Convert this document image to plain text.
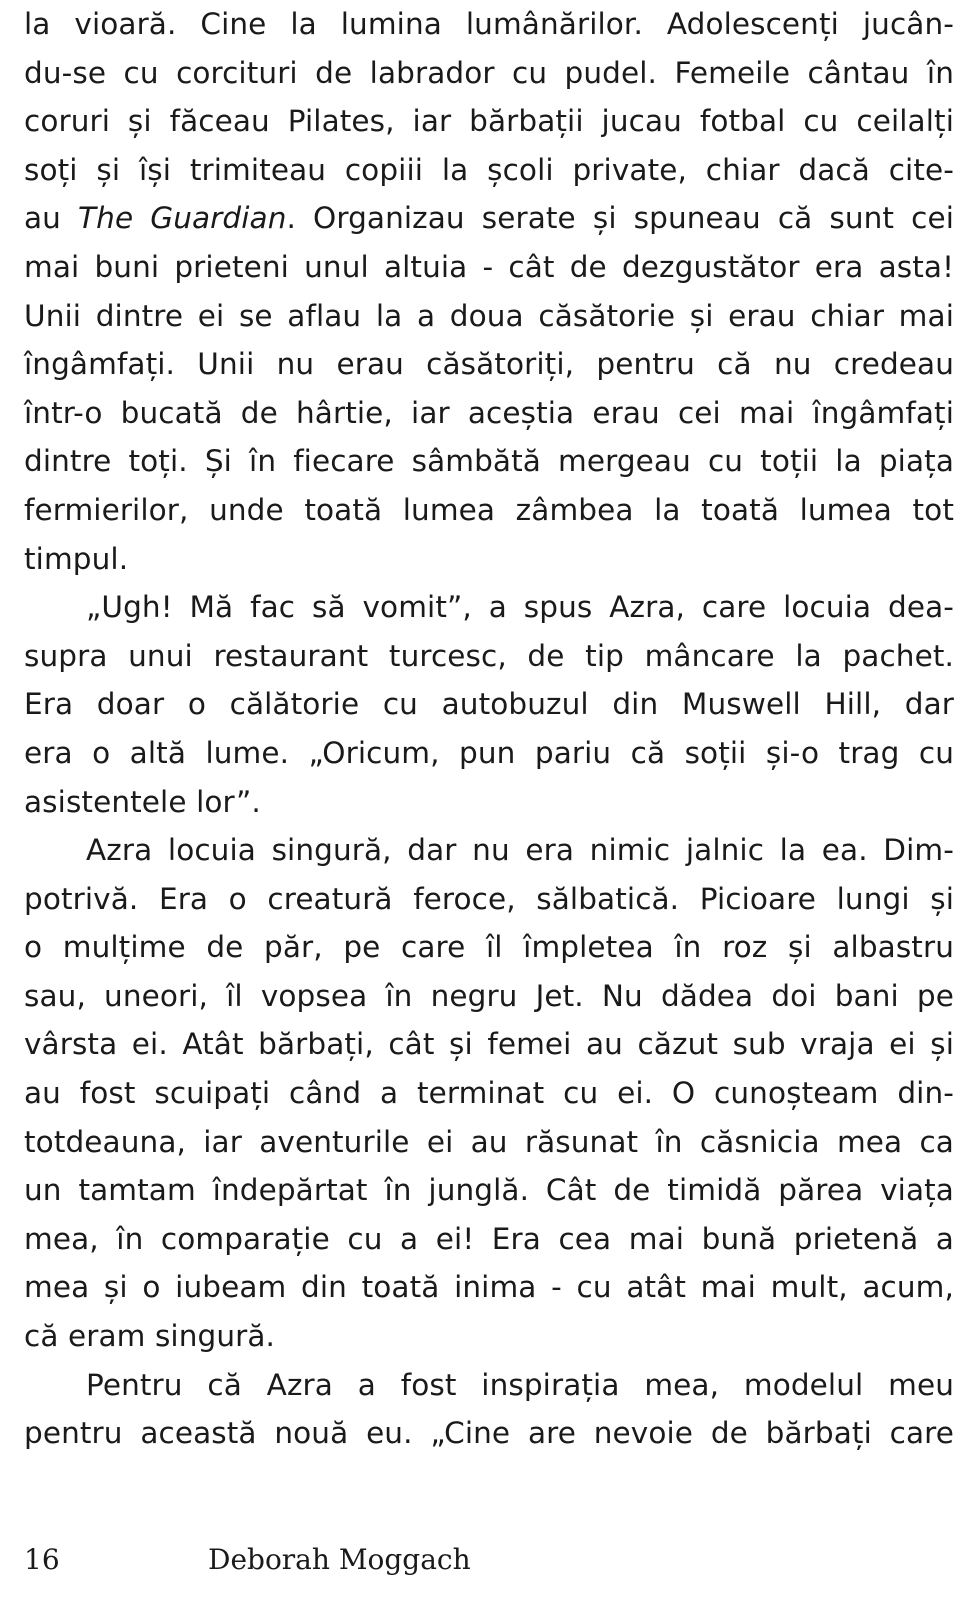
la vioară. Cine la lumina lumânărilor. Adolescenți jucân-
du-se cu corcituri de labrador cu pudel. Femeile cântau în
coruri și făceau Pilates, iar bărbații jucau fotbal cu ceilalți
soți și își trimiteau copiii la școli private, chiar dacă cite-
au The Guardian. Organizau serate și spuneau că sunt cei
mai buni prieteni unul altuia - cât de dezgustător era asta!
Unii dintre ei se aflau la a doua căsătorie și erau chiar mai
îngâmfați. Unii nu erau căsătoriți, pentru că nu credeau
într-o bucată de hârtie, iar aceștia erau cei mai îngâmfați
dintre toți. Și în fiecare sâmbătă mergeau cu toții la piața
fermierilor, unde toată lumea zâmbea la toată lumea tot
timpul.
„Ugh! Mă fac să vomit”, a spus Azra, care locuia dea-
supra unui restaurant turcesc, de tip mâncare la pachet.
Era doar o călătorie cu autobuzul din Muswell Hill, dar
era o altă lume. „Oricum, pun pariu că soții și-o trag cu
asistentele lor”.
Azra locuia singură, dar nu era nimic jalnic la ea. Dim-
potrivă. Era o creatură feroce, sălbatică. Picioare lungi și
o mulțime de păr, pe care îl împletea în roz și albastru
sau, uneori, îl vopsea în negru Jet. Nu dădea doi bani pe
vârsta ei. Atât bărbați, cât și femei au căzut sub vraja ei și
au fost scuipați când a terminat cu ei. O cunoșteam din-
totdeauna, iar aventurile ei au răsunat în căsnicia mea ca
un tamtam îndepărtat în junglă. Cât de timidă părea viața
mea, în comparație cu a ei! Era cea mai bună prietenă a
mea și o iubeam din toată inima - cu atât mai mult, acum,
că eram singură.
Pentru că Azra a fost inspirația mea, modelul meu
pentru această nouă eu. „Cine are nevoie de bărbați care
16	Deborah Moggach
